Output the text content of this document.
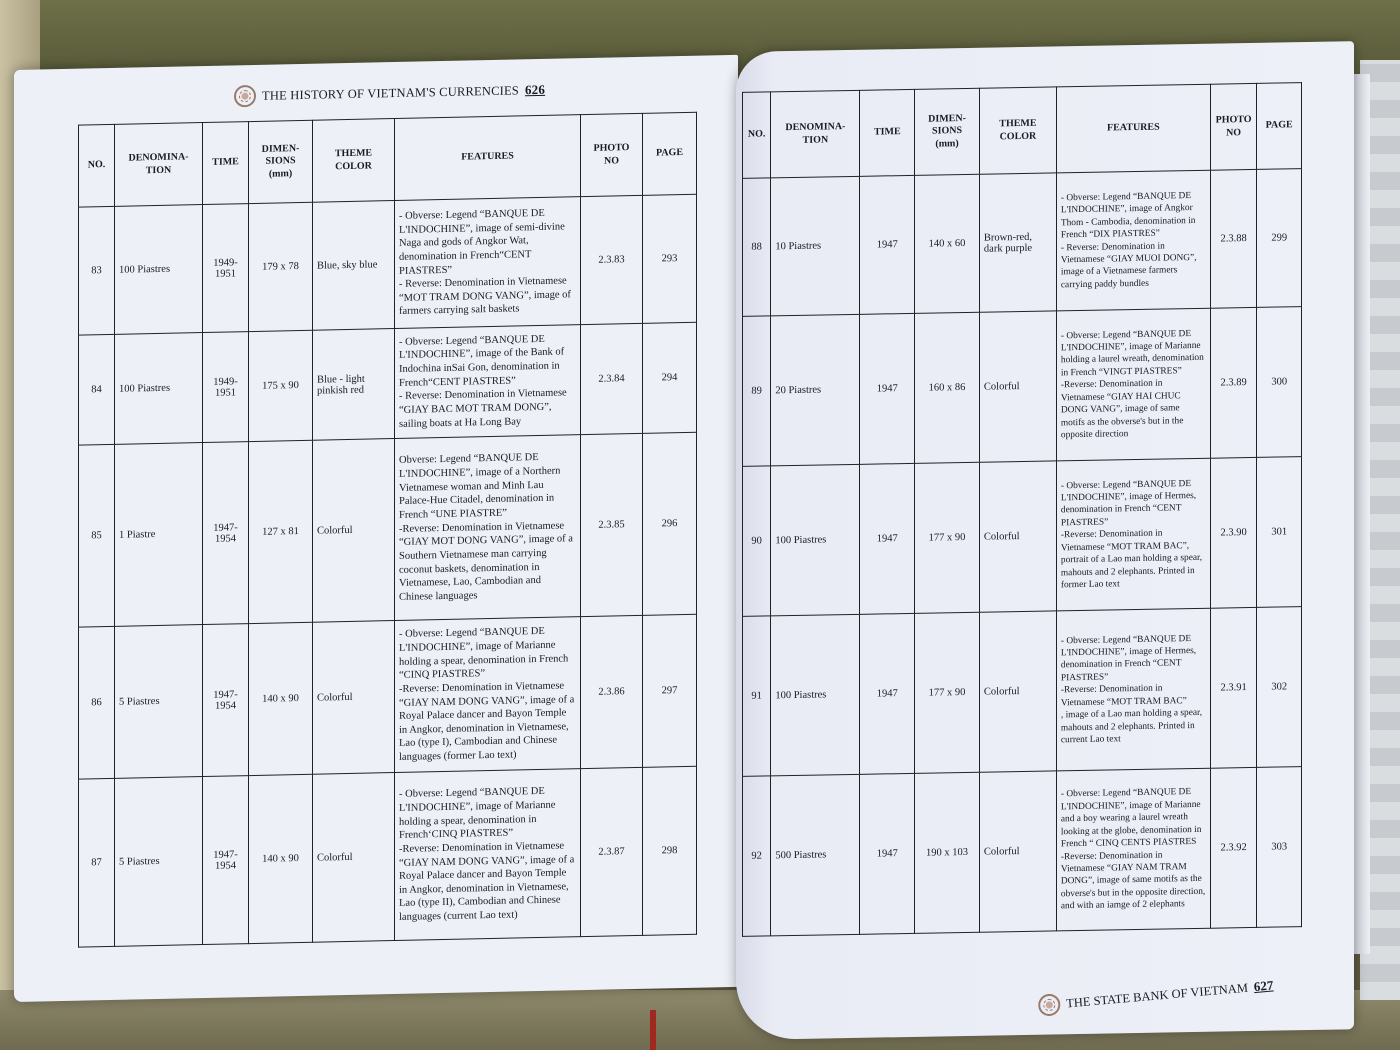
THE HISTORY OF VIETNAM'S CURRENCIES 626
NO.	DENOMINA-
TION	TIME	DIMEN-
SIONS
(mm)	THEME
COLOR	FEATURES	PHOTO
NO	PAGE
83	100 Piastres	1949-
1951	179 x 78	Blue, sky blue	- Obverse: Legend “BANQUE DE L'INDOCHINE”, image of semi-divine Naga and gods of Angkor Wat, denomination in French“CENT PIASTRES”
- Reverse: Denomination in Vietnamese “MOT TRAM DONG VANG”, image of farmers carrying salt baskets	2.3.83	293
84	100 Piastres	1949-
1951	175 x 90	Blue - light pinkish red	- Obverse: Legend “BANQUE DE L'INDOCHINE”, image of the Bank of Indochina inSai Gon, denomination in French“CENT PIASTRES”
- Reverse: Denomination in Vietnamese “GIAY BAC MOT TRAM DONG”, sailing boats at Ha Long Bay	2.3.84	294
85	1 Piastre	1947-
1954	127 x 81	Colorful	Obverse: Legend “BANQUE DE L'INDOCHINE”, image of a Northern Vietnamese woman and Minh Lau Palace-Hue Citadel, denomination in French “UNE PIASTRE”
-Reverse: Denomination in Vietnamese “GIAY MOT DONG VANG”, image of a Southern Vietnamese man carrying coconut baskets, denomination in Vietnamese, Lao, Cambodian and Chinese languages	2.3.85	296
86	5 Piastres	1947-
1954	140 x 90	Colorful	- Obverse: Legend “BANQUE DE L'INDOCHINE”, image of Marianne holding a spear, denomination in French “CINQ PIASTRES”
-Reverse: Denomination in Vietnamese “GIAY NAM DONG VANG”, image of a Royal Palace dancer and Bayon Temple in Angkor, denomination in Vietnamese, Lao (type I), Cambodian and Chinese languages (former Lao text)	2.3.86	297
87	5 Piastres	1947-
1954	140 x 90	Colorful	- Obverse: Legend “BANQUE DE L'INDOCHINE”, image of Marianne holding a spear, denomination in French‘CINQ PIASTRES”
-Reverse: Denomination in Vietnamese “GIAY NAM DONG VANG”, image of a Royal Palace dancer and Bayon Temple in Angkor, denomination in Vietnamese, Lao (type II), Cambodian and Chinese languages (current Lao text)	2.3.87	298
NO.	DENOMINA-
TION	TIME	DIMEN-
SIONS
(mm)	THEME
COLOR	FEATURES	PHOTO
NO	PAGE
88	10 Piastres	1947	140 x 60	Brown-red, dark purple	- Obverse: Legend “BANQUE DE L'INDOCHINE”, image of Angkor Thom - Cambodia, denomination in French “DIX PIASTRES”
- Reverse: Denomination in Vietnamese “GIAY MUOI DONG”, image of a Vietnamese farmers carrying paddy bundles	2.3.88	299
89	20 Piastres	1947	160 x 86	Colorful	- Obverse: Legend “BANQUE DE L'INDOCHINE”, image of Marianne holding a laurel wreath, denomination in French “VINGT PIASTRES”
-Reverse: Denomination in Vietnamese “GIAY HAI CHUC DONG VANG”, image of same motifs as the obverse's but in the opposite direction	2.3.89	300
90	100 Piastres	1947	177 x 90	Colorful	- Obverse: Legend “BANQUE DE L'INDOCHINE”, image of Hermes, denomination in French “CENT PIASTRES”
-Reverse: Denomination in Vietnamese “MOT TRAM BAC”, portrait of a Lao man holding a spear, mahouts and 2 elephants. Printed in former Lao text	2.3.90	301
91	100 Piastres	1947	177 x 90	Colorful	- Obverse: Legend “BANQUE DE L'INDOCHINE”, image of Hermes, denomination in French “CENT PIASTRES”
-Reverse: Denomination in Vietnamese “MOT TRAM BAC”
, image of a Lao man holding a spear, mahouts and 2 elephants. Printed in current Lao text	2.3.91	302
92	500 Piastres	1947	190 x 103	Colorful	- Obverse: Legend “BANQUE DE L'INDOCHINE”, image of Marianne and a boy wearing a laurel wreath looking at the globe, denomination in French “ CINQ CENTS PIASTRES
-Reverse: Denomination in Vietnamese “GIAY NAM TRAM DONG”, image of same motifs as the obverse's but in the opposite direction, and with an iamge of 2 elephants	2.3.92	303
THE STATE BANK OF VIETNAM 627
